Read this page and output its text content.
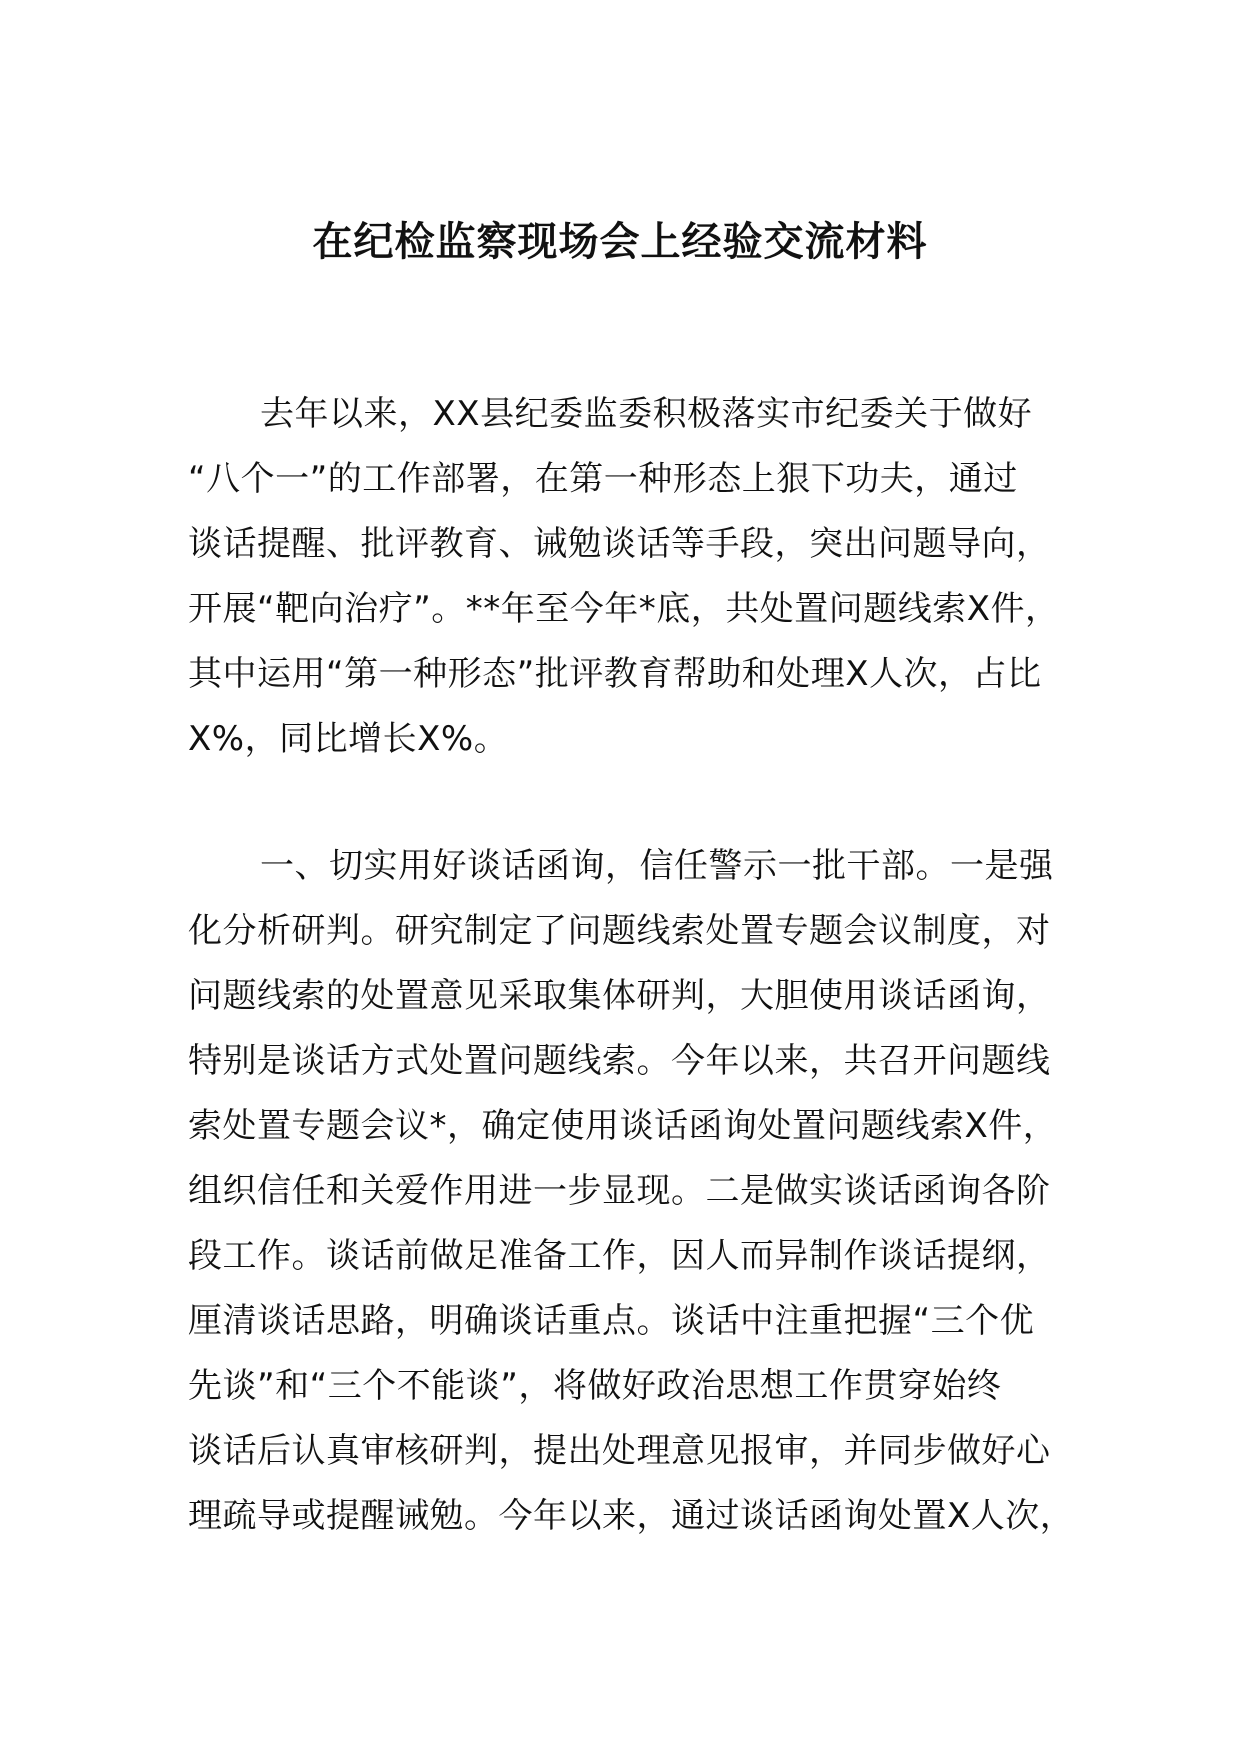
在纪检监察现场会上经验交流材料
去年以来，XX县纪委监委积极落实市纪委关于做好
“八个一”的工作部署，在第一种形态上狠下功夫，通过
谈话提醒、批评教育、诫勉谈话等手段，突出问题导向，
开展“靶向治疗”。**年至今年*底，共处置问题线索X件，
其中运用“第一种形态”批评教育帮助和处理X人次，占比
X%，同比增长X%。
一、切实用好谈话函询，信任警示一批干部。一是强
化分析研判。研究制定了问题线索处置专题会议制度，对
问题线索的处置意见采取集体研判，大胆使用谈话函询，
特别是谈话方式处置问题线索。今年以来，共召开问题线
索处置专题会议*，确定使用谈话函询处置问题线索X件，
组织信任和关爱作用进一步显现。二是做实谈话函询各阶
段工作。谈话前做足准备工作，因人而异制作谈话提纲，
厘清谈话思路，明确谈话重点。谈话中注重把握“三个优
先谈”和“三个不能谈”，将做好政治思想工作贯穿始终
谈话后认真审核研判，提出处理意见报审，并同步做好心
理疏导或提醒诫勉。今年以来，通过谈话函询处置X人次，
